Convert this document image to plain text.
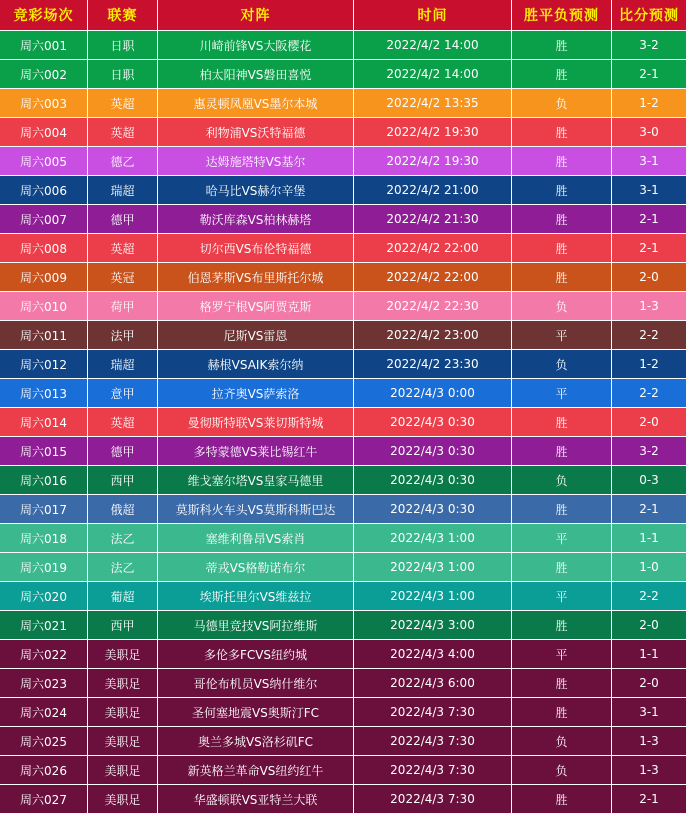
竞彩场次	联赛	对阵	时间	胜平负预测	比分预测
周六001	日职	川崎前锋VS大阪樱花	2022/4/2 14:00	胜	3-2
周六002	日职	柏太阳神VS磐田喜悦	2022/4/2 14:00	胜	2-1
周六003	英超	惠灵顿凤凰VS墨尔本城	2022/4/2 13:35	负	1-2
周六004	英超	利物浦VS沃特福德	2022/4/2 19:30	胜	3-0
周六005	德乙	达姆施塔特VS基尔	2022/4/2 19:30	胜	3-1
周六006	瑞超	哈马比VS赫尔辛堡	2022/4/2 21:00	胜	3-1
周六007	德甲	勒沃库森VS柏林赫塔	2022/4/2 21:30	胜	2-1
周六008	英超	切尔西VS布伦特福德	2022/4/2 22:00	胜	2-1
周六009	英冠	伯恩茅斯VS布里斯托尔城	2022/4/2 22:00	胜	2-0
周六010	荷甲	格罗宁根VS阿贾克斯	2022/4/2 22:30	负	1-3
周六011	法甲	尼斯VS雷恩	2022/4/2 23:00	平	2-2
周六012	瑞超	赫根VSAIK索尔纳	2022/4/2 23:30	负	1-2
周六013	意甲	拉齐奥VS萨索洛	2022/4/3 0:00	平	2-2
周六014	英超	曼彻斯特联VS莱切斯特城	2022/4/3 0:30	胜	2-0
周六015	德甲	多特蒙德VS莱比锡红牛	2022/4/3 0:30	胜	3-2
周六016	西甲	维戈塞尔塔VS皇家马德里	2022/4/3 0:30	负	0-3
周六017	俄超	莫斯科火车头VS莫斯科斯巴达	2022/4/3 0:30	胜	2-1
周六018	法乙	塞维利鲁昂VS索肖	2022/4/3 1:00	平	1-1
周六019	法乙	蒂戎VS格勒诺布尔	2022/4/3 1:00	胜	1-0
周六020	葡超	埃斯托里尔VS维兹拉	2022/4/3 1:00	平	2-2
周六021	西甲	马德里竞技VS阿拉维斯	2022/4/3 3:00	胜	2-0
周六022	美职足	多伦多FCVS纽约城	2022/4/3 4:00	平	1-1
周六023	美职足	哥伦布机员VS纳什维尔	2022/4/3 6:00	胜	2-0
周六024	美职足	圣何塞地震VS奥斯汀FC	2022/4/3 7:30	胜	3-1
周六025	美职足	奥兰多城VS洛杉矶FC	2022/4/3 7:30	负	1-3
周六026	美职足	新英格兰革命VS纽约红牛	2022/4/3 7:30	负	1-3
周六027	美职足	华盛顿联VS亚特兰大联	2022/4/3 7:30	胜	2-1
